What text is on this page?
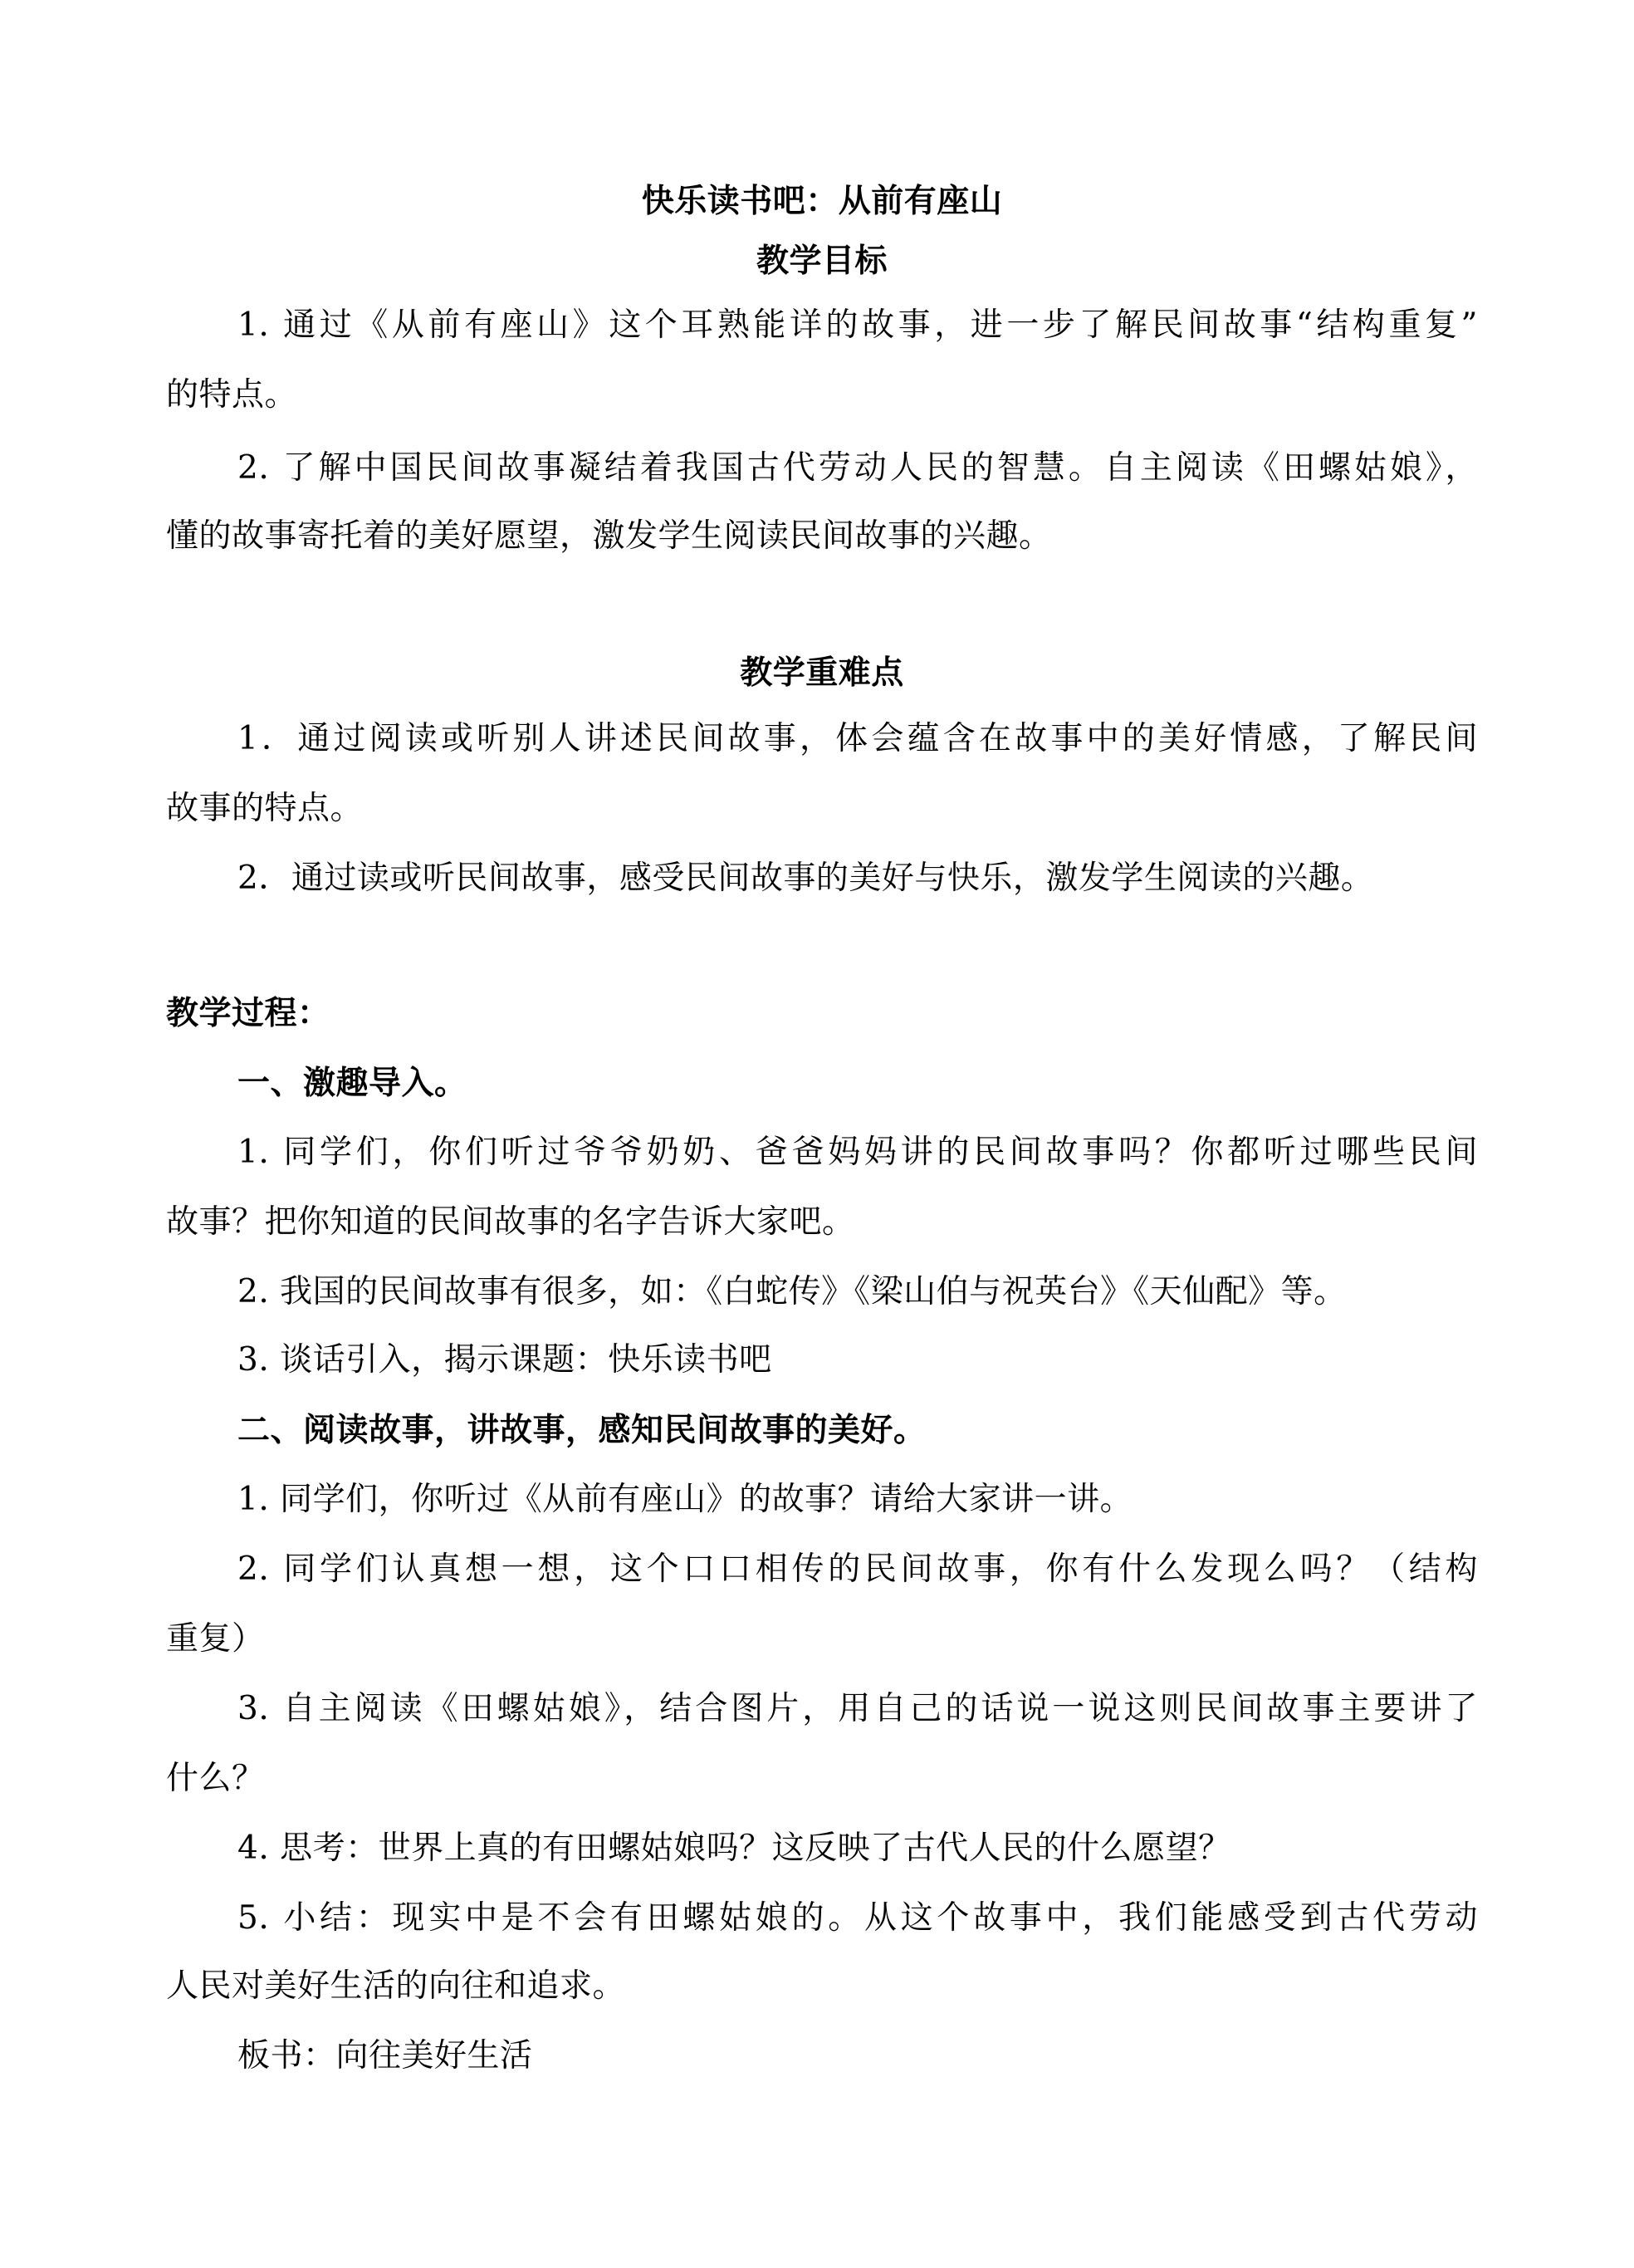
快乐读书吧：从前有座山
教学目标
1. 通过《从前有座山》这个耳熟能详的故事，进一步了解民间故事“结构重复”
的特点。
2. 了解中国民间故事凝结着我国古代劳动人民的智慧。自主阅读《田螺姑娘》，
懂的故事寄托着的美好愿望，激发学生阅读民间故事的兴趣。
教学重难点
1．通过阅读或听别人讲述民间故事，体会蕴含在故事中的美好情感，了解民间
故事的特点。
2．通过读或听民间故事，感受民间故事的美好与快乐，激发学生阅读的兴趣。
教学过程：
一、激趣导入。
1. 同学们，你们听过爷爷奶奶、爸爸妈妈讲的民间故事吗？你都听过哪些民间
故事？把你知道的民间故事的名字告诉大家吧。
2. 我国的民间故事有很多，如：《白蛇传》《梁山伯与祝英台》《天仙配》等。
3. 谈话引入，揭示课题：快乐读书吧
二、阅读故事，讲故事，感知民间故事的美好。
1. 同学们，你听过《从前有座山》的故事？请给大家讲一讲。
2. 同学们认真想一想，这个口口相传的民间故事，你有什么发现么吗？（结构
重复）
3. 自主阅读《田螺姑娘》，结合图片，用自己的话说一说这则民间故事主要讲了
什么？
4. 思考：世界上真的有田螺姑娘吗？这反映了古代人民的什么愿望？
5. 小结：现实中是不会有田螺姑娘的。从这个故事中，我们能感受到古代劳动
人民对美好生活的向往和追求。
板书：向往美好生活
